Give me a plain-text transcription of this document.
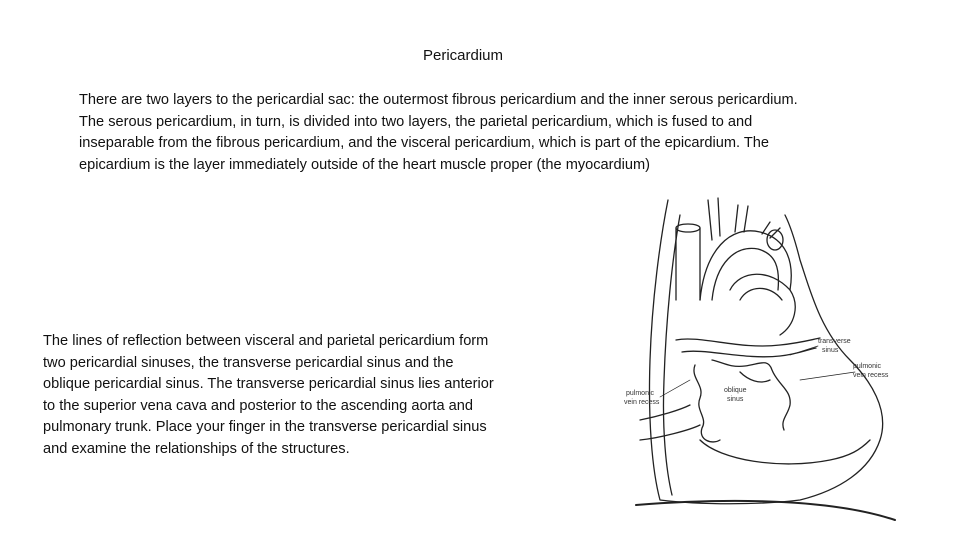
Pericardium
There are two layers to the pericardial sac: the outermost fibrous pericardium and the inner serous pericardium.
The serous pericardium, in turn, is divided into two layers, the parietal pericardium, which is fused to and
inseparable from the fibrous pericardium, and the visceral pericardium, which is part of the epicardium. The
epicardium is the layer immediately outside of the heart muscle proper (the myocardium)
The lines of reflection between visceral and parietal pericardium form
two pericardial sinuses, the transverse pericardial sinus and the
oblique pericardial sinus. The transverse pericardial sinus lies anterior
to the superior vena cava and posterior to the ascending aorta and
pulmonary trunk. Place your finger in the transverse pericardial sinus
and examine the relationships of the structures.
transverse
sinus
pulmonic
vein recess
oblique
sinus
pulmonic
vein recess
